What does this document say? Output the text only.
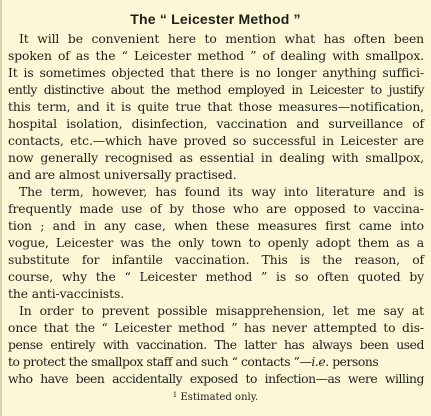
The “ Leicester Method ”
It will be convenient here to mention what has often been
spoken of as the “ Leicester method ” of dealing with smallpox.
It is sometimes objected that there is no longer anything suffici-
ently distinctive about the method employed in Leicester to justify
this term, and it is quite true that those measures—notification,
hospital isolation, disinfection, vaccination and surveillance of
contacts, etc.—which have proved so successful in Leicester are
now generally recognised as essential in dealing with smallpox,
and are almost universally practised.
The term, however, has found its way into literature and is
frequently made use of by those who are opposed to vaccina-
tion ; and in any case, when these measures first came into
vogue, Leicester was the only town to openly adopt them as a
substitute for infantile vaccination. This is the reason, of
course, why the “ Leicester method ” is so often quoted by
the anti-vaccinists.
In order to prevent possible misapprehension, let me say at
once that the “ Leicester method ” has never attempted to dis-
pense entirely with vaccination. The latter has always been used
to protect the smallpox staff and such “ contacts ”—i.e. persons
who have been accidentally exposed to infection—as were willing
$^1$ Estimated only.
